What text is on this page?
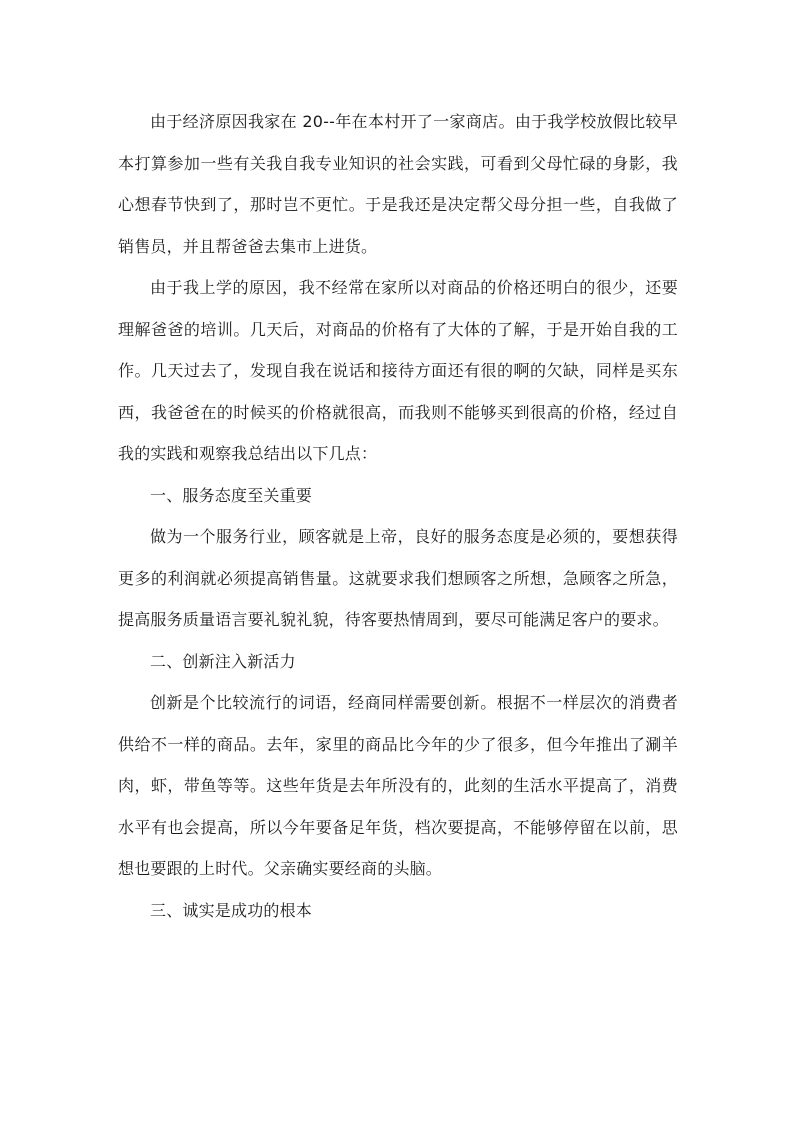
由于经济原因我家在 20--年在本村开了一家商店。由于我学校放假比较早本打算参加一些有关我自我专业知识的社会实践，可看到父母忙碌的身影，我心想春节快到了，那时岂不更忙。于是我还是决定帮父母分担一些，自我做了销售员，并且帮爸爸去集市上进货。

由于我上学的原因，我不经常在家所以对商品的价格还明白的很少，还要理解爸爸的培训。几天后，对商品的价格有了大体的了解，于是开始自我的工作。几天过去了，发现自我在说话和接待方面还有很的啊的欠缺，同样是买东西，我爸爸在的时候买的价格就很高，而我则不能够买到很高的价格，经过自我的实践和观察我总结出以下几点：

一、服务态度至关重要

做为一个服务行业，顾客就是上帝，良好的服务态度是必须的，要想获得更多的利润就必须提高销售量。这就要求我们想顾客之所想，急顾客之所急，提高服务质量语言要礼貌礼貌，待客要热情周到，要尽可能满足客户的要求。

二、创新注入新活力

创新是个比较流行的词语，经商同样需要创新。根据不一样层次的消费者供给不一样的商品。去年，家里的商品比今年的少了很多，但今年推出了涮羊肉，虾，带鱼等等。这些年货是去年所没有的，此刻的生活水平提高了，消费水平有也会提高，所以今年要备足年货，档次要提高，不能够停留在以前，思想也要跟的上时代。父亲确实要经商的头脑。

三、诚实是成功的根本
